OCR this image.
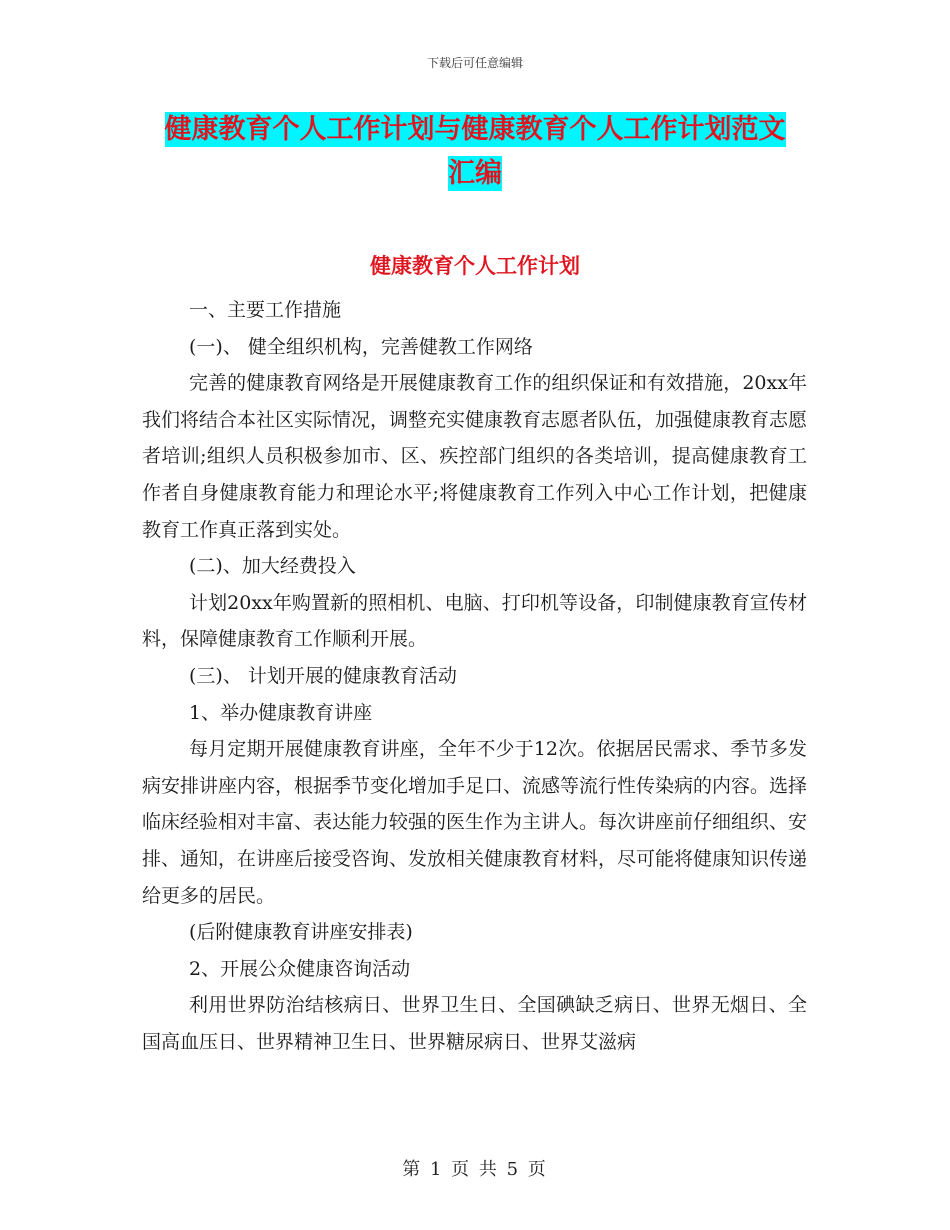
下载后可任意编辑
健康教育个人工作计划与健康教育个人工作计划范文
汇编
健康教育个人工作计划

一、主要工作措施

(一)、 健全组织机构，完善健教工作网络

完善的健康教育网络是开展健康教育工作的组织保证和有效措施，20xx年我们将结合本社区实际情况，调整充实健康教育志愿者队伍，加强健康教育志愿者培训;组织人员积极参加市、区、疾控部门组织的各类培训，提高健康教育工作者自身健康教育能力和理论水平;将健康教育工作列入中心工作计划，把健康教育工作真正落到实处。

(二)、加大经费投入

计划20xx年购置新的照相机、电脑、打印机等设备，印制健康教育宣传材料，保障健康教育工作顺利开展。

(三)、 计划开展的健康教育活动

1、举办健康教育讲座

每月定期开展健康教育讲座，全年不少于12次。依据居民需求、季节多发病安排讲座内容，根据季节变化增加手足口、流感等流行性传染病的内容。选择临床经验相对丰富、表达能力较强的医生作为主讲人。每次讲座前仔细组织、安排、通知，在讲座后接受咨询、发放相关健康教育材料，尽可能将健康知识传递给更多的居民。

(后附健康教育讲座安排表)

2、开展公众健康咨询活动

利用世界防治结核病日、世界卫生日、全国碘缺乏病日、世界无烟日、全国高血压日、世界精神卫生日、世界糖尿病日、世界艾滋病

第 1 页 共 5 页
